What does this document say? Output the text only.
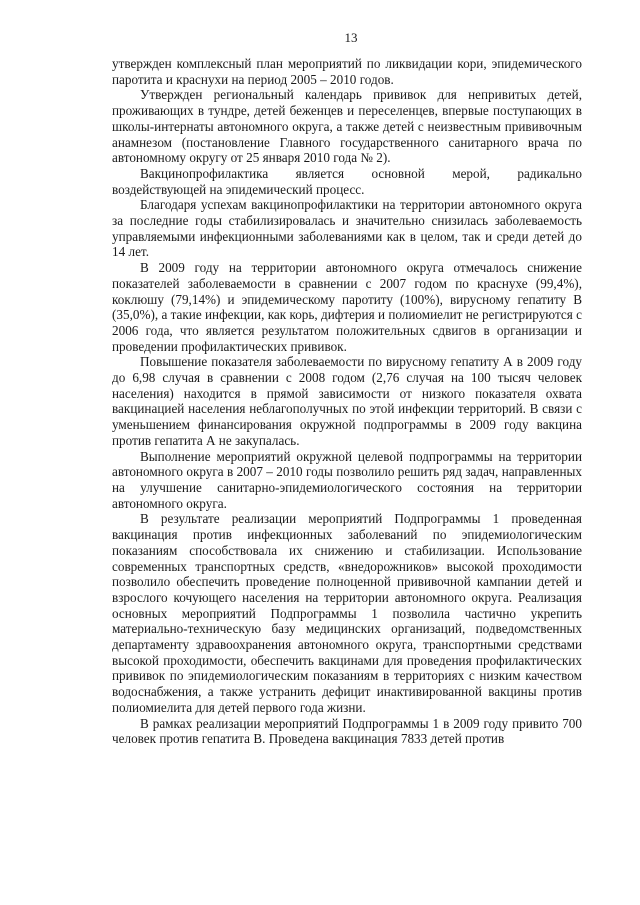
13

утвержден комплексный план мероприятий по ликвидации кори, эпидемического паротита и краснухи на период 2005 – 2010 годов.

Утвержден региональный календарь прививок для непривитых детей, проживающих в тундре, детей беженцев и переселенцев, впервые поступающих в школы-интернаты автономного округа, а также детей с неизвестным прививочным анамнезом (постановление Главного государственного санитарного врача по автономному округу от 25 января 2010 года № 2).

Вакцинопрофилактика является основной мерой, радикально воздействующей на эпидемический процесс.

Благодаря успехам вакцинопрофилактики на территории автономного округа за последние годы стабилизировалась и значительно снизилась заболеваемость управляемыми инфекционными заболеваниями как в целом, так и среди детей до 14 лет.

В 2009 году на территории автономного округа отмечалось снижение показателей заболеваемости в сравнении с 2007 годом по краснухе (99,4%), коклюшу (79,14%) и эпидемическому паротиту (100%), вирусному гепатиту В (35,0%), а такие инфекции, как корь, дифтерия и полиомиелит не регистрируются с 2006 года, что является результатом положительных сдвигов в организации и проведении профилактических прививок.

Повышение показателя заболеваемости по вирусному гепатиту А в 2009 году до 6,98 случая в сравнении с 2008 годом (2,76 случая на 100 тысяч человек населения) находится в прямой зависимости от низкого показателя охвата вакцинацией населения неблагополучных по этой инфекции территорий. В связи с уменьшением финансирования окружной подпрограммы в 2009 году вакцина против гепатита А не закупалась.

Выполнение мероприятий окружной целевой подпрограммы на территории автономного округа в 2007 – 2010 годы позволило решить ряд задач, направленных на улучшение санитарно-эпидемиологического состояния на территории автономного округа.

В результате реализации мероприятий Подпрограммы 1 проведенная вакцинация против инфекционных заболеваний по эпидемиологическим показаниям способствовала их снижению и стабилизации. Использование современных транспортных средств, «внедорожников» высокой проходимости позволило обеспечить проведение полноценной прививочной кампании детей и взрослого кочующего населения на территории автономного округа. Реализация основных мероприятий Подпрограммы 1 позволила частично укрепить материально-техническую базу медицинских организаций, подведомственных департаменту здравоохранения автономного округа, транспортными средствами высокой проходимости, обеспечить вакцинами для проведения профилактических прививок по эпидемиологическим показаниям в территориях с низким качеством водоснабжения, а также устранить дефицит инактивированной вакцины против полиомиелита для детей первого года жизни.

В рамках реализации мероприятий Подпрограммы 1 в 2009 году привито 700 человек против гепатита В. Проведена вакцинация 7833 детей против
